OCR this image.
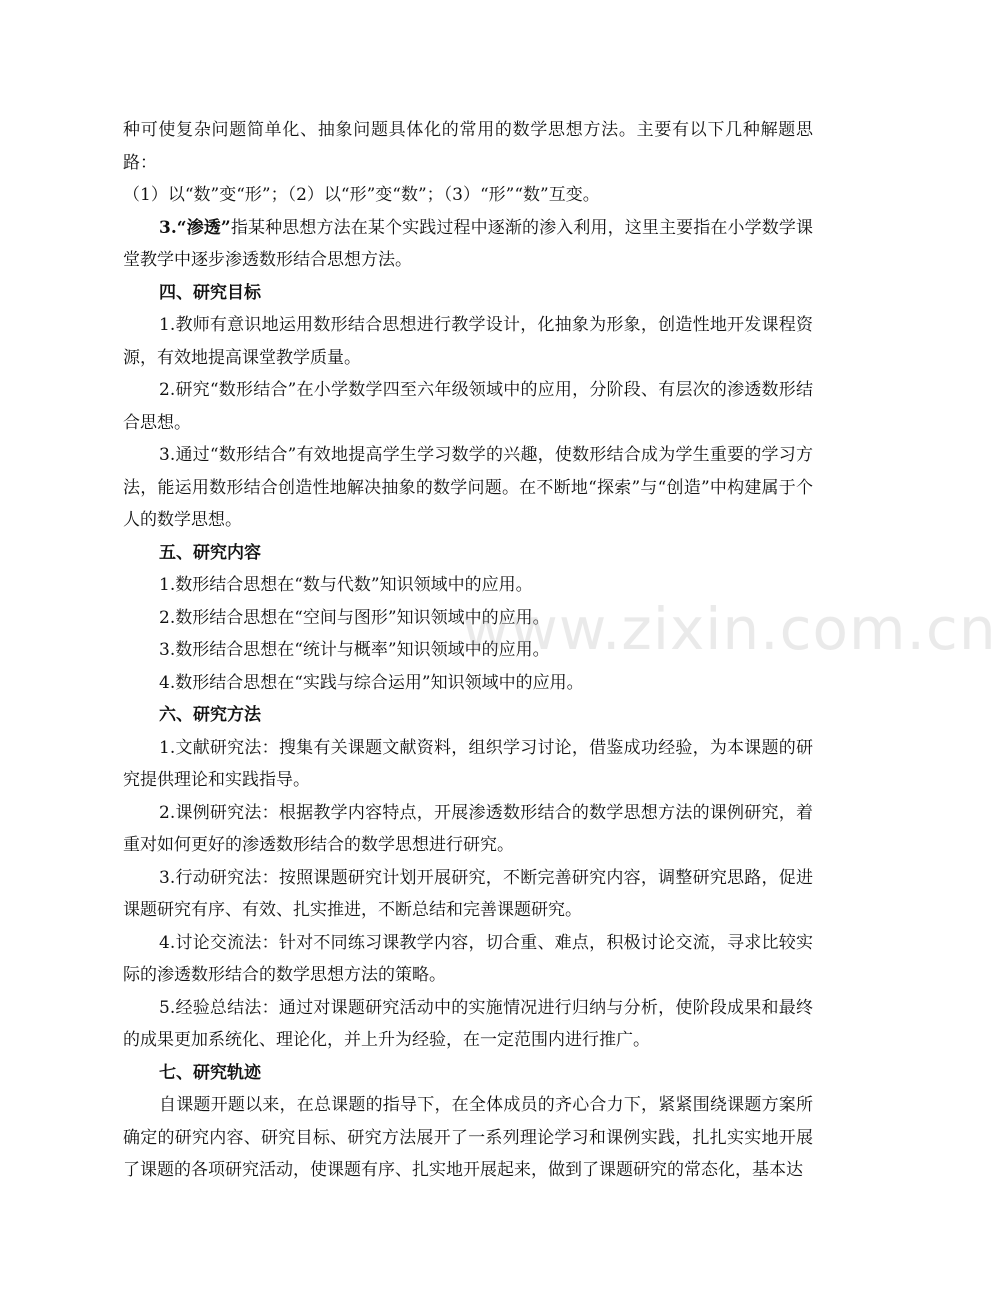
种可使复杂问题简单化、抽象问题具体化的常用的数学思想方法。主要有以下几种解题思路：

（1）以“数”变“形”；（2）以“形”变“数”；（3）“形”“数”互变。

3.“渗透”指某种思想方法在某个实践过程中逐渐的渗入利用，这里主要指在小学数学课堂教学中逐步渗透数形结合思想方法。

四、研究目标

1.教师有意识地运用数形结合思想进行教学设计，化抽象为形象，创造性地开发课程资源，有效地提高课堂教学质量。

2.研究“数形结合”在小学数学四至六年级领域中的应用，分阶段、有层次的渗透数形结合思想。

3.通过“数形结合”有效地提高学生学习数学的兴趣，使数形结合成为学生重要的学习方法，能运用数形结合创造性地解决抽象的数学问题。在不断地“探索”与“创造”中构建属于个人的数学思想。

五、研究内容

1.数形结合思想在“数与代数”知识领域中的应用。

2.数形结合思想在“空间与图形”知识领域中的应用。

3.数形结合思想在“统计与概率”知识领域中的应用。

4.数形结合思想在“实践与综合运用”知识领域中的应用。

六、研究方法

1.文献研究法：搜集有关课题文献资料，组织学习讨论，借鉴成功经验，为本课题的研究提供理论和实践指导。

2.课例研究法：根据教学内容特点，开展渗透数形结合的数学思想方法的课例研究，着重对如何更好的渗透数形结合的数学思想进行研究。

3.行动研究法：按照课题研究计划开展研究，不断完善研究内容，调整研究思路，促进课题研究有序、有效、扎实推进，不断总结和完善课题研究。

4.讨论交流法：针对不同练习课教学内容，切合重、难点，积极讨论交流，寻求比较实际的渗透数形结合的数学思想方法的策略。

5.经验总结法：通过对课题研究活动中的实施情况进行归纳与分析，使阶段成果和最终的成果更加系统化、理论化，并上升为经验，在一定范围内进行推广。

七、研究轨迹

自课题开题以来，在总课题的指导下，在全体成员的齐心合力下，紧紧围绕课题方案所确定的研究内容、研究目标、研究方法展开了一系列理论学习和课例实践，扎扎实实地开展了课题的各项研究活动，使课题有序、扎实地开展起来，做到了课题研究的常态化，基本达

www.zixin.com.cn
